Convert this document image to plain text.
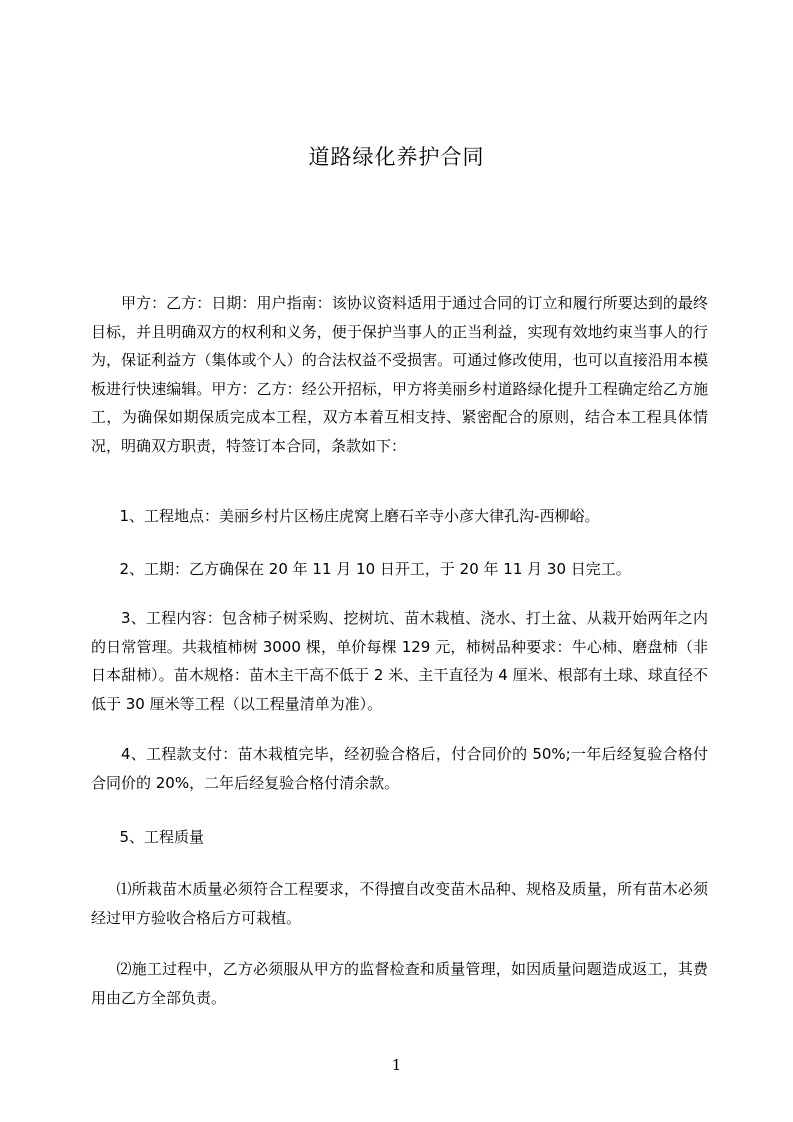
道路绿化养护合同

甲方：乙方：日期：用户指南：该协议资料适用于通过合同的订立和履行所要达到的最终目标，并且明确双方的权利和义务，便于保护当事人的正当利益，实现有效地约束当事人的行为，保证利益方（集体或个人）的合法权益不受损害。可通过修改使用，也可以直接沿用本模板进行快速编辑。甲方：乙方：经公开招标，甲方将美丽乡村道路绿化提升工程确定给乙方施工，为确保如期保质完成本工程，双方本着互相支持、紧密配合的原则，结合本工程具体情况，明确双方职责，特签订本合同，条款如下：

1、工程地点：美丽乡村片区杨庄虎窝上磨石辛寺小彦大律孔沟-西柳峪。

2、工期：乙方确保在 20 年 11 月 10 日开工，于 20 年 11 月 30 日完工。

3、工程内容：包含柿子树采购、挖树坑、苗木栽植、浇水、打土盆、从栽开始两年之内的日常管理。共栽植柿树 3000 棵，单价每棵 129 元，柿树品种要求：牛心柿、磨盘柿（非日本甜柿）。苗木规格：苗木主干高不低于 2 米、主干直径为 4 厘米、根部有土球、球直径不低于 30 厘米等工程（以工程量清单为准）。

4、工程款支付：苗木栽植完毕，经初验合格后，付合同价的 50%;一年后经复验合格付合同价的 20%，二年后经复验合格付清余款。

5、工程质量

⑴所栽苗木质量必须符合工程要求，不得擅自改变苗木品种、规格及质量，所有苗木必须经过甲方验收合格后方可栽植。

⑵施工过程中，乙方必须服从甲方的监督检查和质量管理，如因质量问题造成返工，其费用由乙方全部负责。

1
